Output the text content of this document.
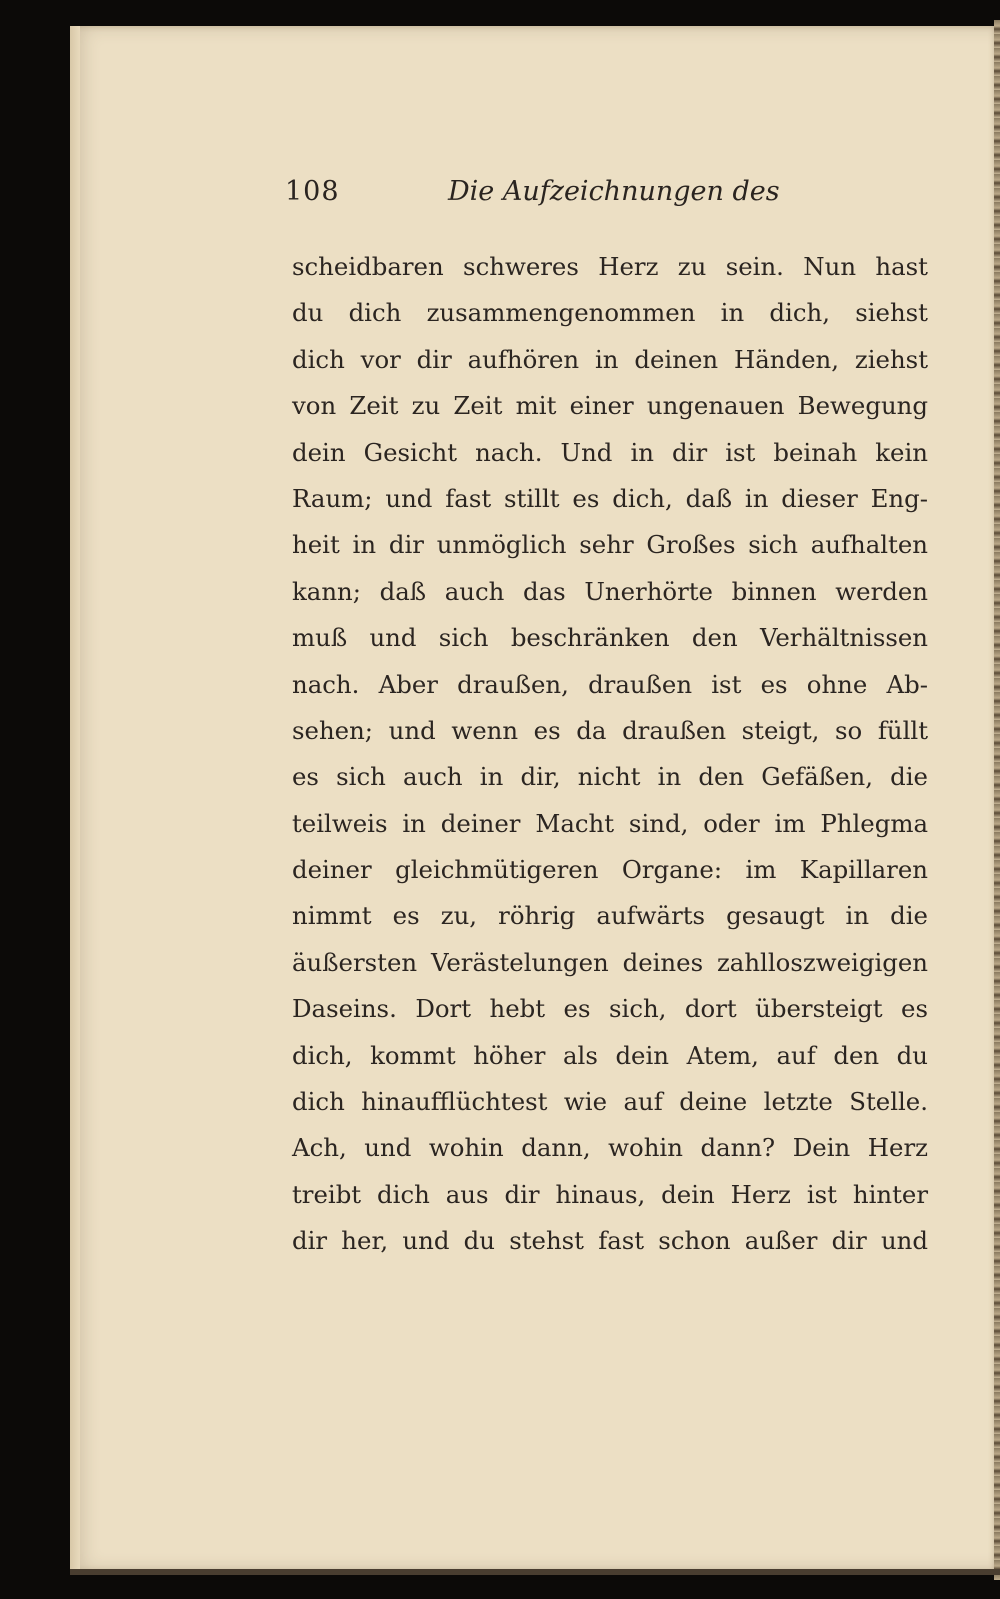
108	Die Aufzeichnungen des
scheidbaren schweres Herz zu sein. Nun hast
du dich zusammengenommen in dich, siehst
dich vor dir aufhören in deinen Händen, ziehst
von Zeit zu Zeit mit einer ungenauen Bewegung
dein Gesicht nach. Und in dir ist beinah kein
Raum; und fast stillt es dich, daß in dieser Eng-
heit in dir unmöglich sehr Großes sich aufhalten
kann; daß auch das Unerhörte binnen werden
muß und sich beschränken den Verhältnissen
nach. Aber draußen, draußen ist es ohne Ab-
sehen; und wenn es da draußen steigt, so füllt
es sich auch in dir, nicht in den Gefäßen, die
teilweis in deiner Macht sind, oder im Phlegma
deiner gleichmütigeren Organe: im Kapillaren
nimmt es zu, röhrig aufwärts gesaugt in die
äußersten Verästelungen deines zahlloszweigigen
Daseins. Dort hebt es sich, dort übersteigt es
dich, kommt höher als dein Atem, auf den du
dich hinaufflüchtest wie auf deine letzte Stelle.
Ach, und wohin dann, wohin dann? Dein Herz
treibt dich aus dir hinaus, dein Herz ist hinter
dir her, und du stehst fast schon außer dir und
